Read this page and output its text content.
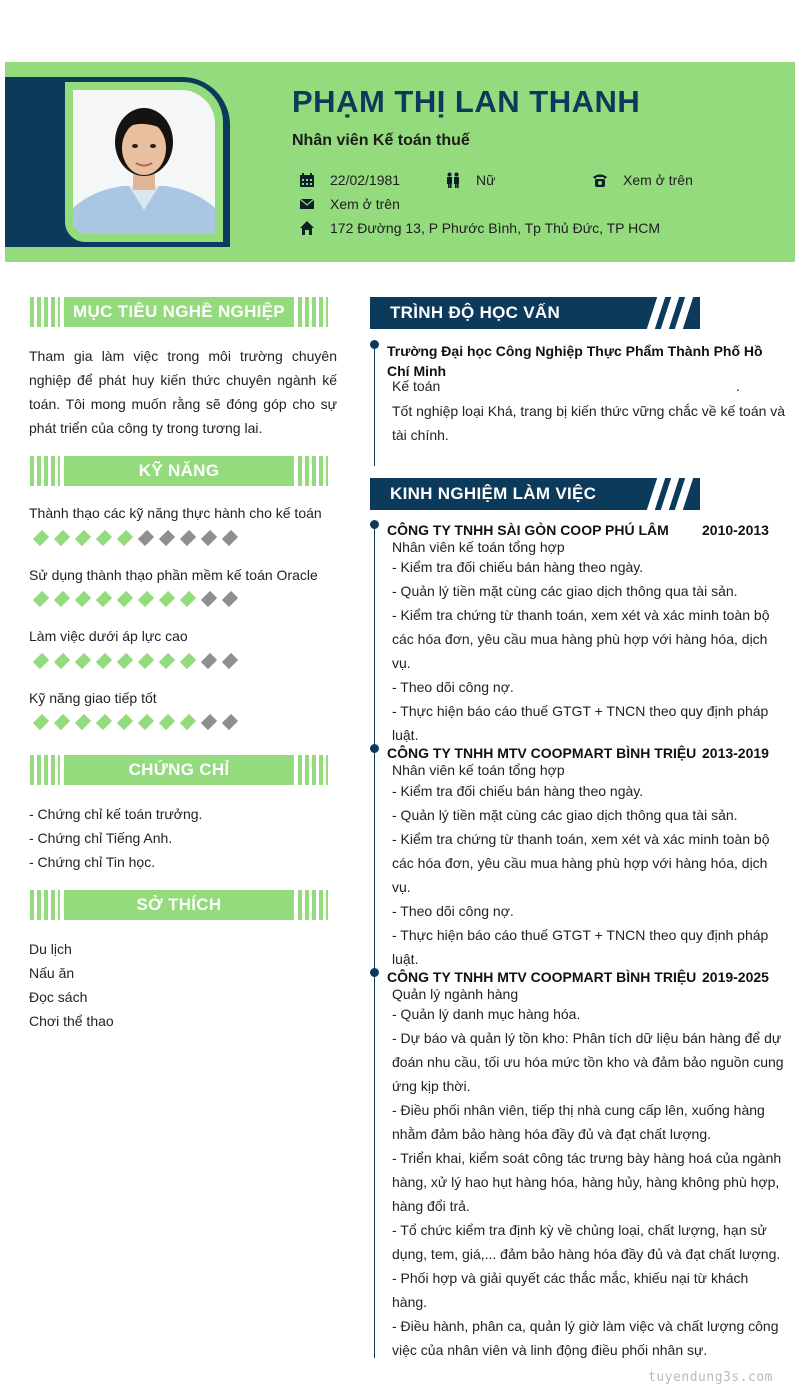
PHẠM THỊ LAN THANH
Nhân viên Kế toán thuế
22/02/1981	Nữ	Xem ở trên
Xem ở trên
172 Đường 13, P Phước Bình, Tp Thủ Đức, TP HCM
MỤC TIÊU NGHỀ NGHIỆP
Tham gia làm việc trong môi trường chuyên nghiệp để phát huy kiến thức chuyên ngành kế toán. Tôi mong muốn rằng sẽ đóng góp cho sự phát triển của công ty trong tương lai.
KỸ NĂNG
Thành thạo các kỹ năng thực hành cho kế toán
Sử dụng thành thạo phần mềm kế toán Oracle
Làm việc dưới áp lực cao
Kỹ năng giao tiếp tốt
CHỨNG CHỈ
- Chứng chỉ kế toán trưởng.
- Chứng chỉ Tiếng Anh.
- Chứng chỉ Tin học.
SỞ THÍCH
Du lịch
Nấu ăn
Đọc sách
Chơi thể thao
TRÌNH ĐỘ HỌC VẤN
Trường Đại học Công Nghiệp Thực Phẩm Thành Phố Hồ Chí Minh
Kế toán	.
Tốt nghiệp loại Khá, trang bị kiến thức vững chắc về kế toán và tài chính.
KINH NGHIỆM LÀM VIỆC
CÔNG TY TNHH SÀI GÒN COOP PHÚ LÂM 2010-2013
Nhân viên kế toán tổng hợp
- Kiểm tra đối chiếu bán hàng theo ngày.
- Quản lý tiền mặt cùng các giao dịch thông qua tài sản.
- Kiểm tra chứng từ thanh toán, xem xét và xác minh toàn bộ các hóa đơn, yêu cầu mua hàng phù hợp với hàng hóa, dịch vụ.
- Theo dõi công nợ.
- Thực hiện báo cáo thuế GTGT + TNCN theo quy định pháp luật.
CÔNG TY TNHH MTV COOPMART BÌNH TRIỆU 2013-2019
Nhân viên kế toán tổng hợp
- Kiểm tra đối chiếu bán hàng theo ngày.
- Quản lý tiền mặt cùng các giao dịch thông qua tài sản.
- Kiểm tra chứng từ thanh toán, xem xét và xác minh toàn bộ các hóa đơn, yêu cầu mua hàng phù hợp với hàng hóa, dịch vụ.
- Theo dõi công nợ.
- Thực hiện báo cáo thuế GTGT + TNCN theo quy định pháp luật.
CÔNG TY TNHH MTV COOPMART BÌNH TRIỆU 2019-2025
Quản lý ngành hàng
- Quản lý danh mục hàng hóa.
- Dự báo và quản lý tồn kho: Phân tích dữ liệu bán hàng để dự đoán nhu cầu, tối ưu hóa mức tồn kho và đảm bảo nguồn cung ứng kịp thời.
- Điều phối nhân viên, tiếp thị nhà cung cấp lên, xuống hàng nhằm đảm bảo hàng hóa đầy đủ và đạt chất lượng.
- Triển khai, kiểm soát công tác trưng bày hàng hoá của ngành hàng, xử lý hao hụt hàng hóa, hàng hủy, hàng không phù hợp, hàng đổi trả.
- Tổ chức kiểm tra định kỳ về chủng loại, chất lượng, hạn sử dụng, tem, giá,... đảm bảo hàng hóa đầy đủ và đạt chất lượng.
- Phối hợp và giải quyết các thắc mắc, khiếu nại từ khách hàng.
- Điều hành, phân ca, quản lý giờ làm việc và chất lượng công việc của nhân viên và linh động điều phối nhân sự.
tuyendung3s.com
